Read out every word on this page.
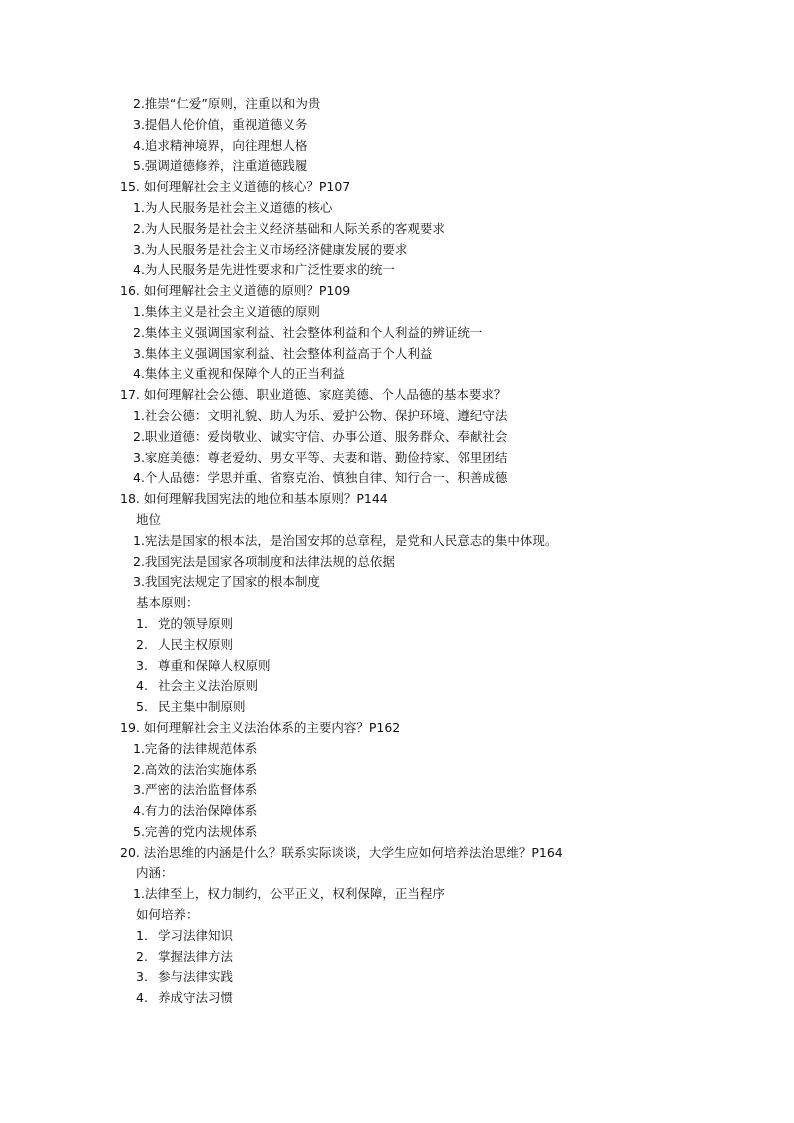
2.推崇“仁爱”原则，注重以和为贵
3.提倡人伦价值，重视道德义务
4.追求精神境界，向往理想人格
5.强调道德修养，注重道德践履
15. 如何理解社会主义道德的核心？P107
1.为人民服务是社会主义道德的核心
2.为人民服务是社会主义经济基础和人际关系的客观要求
3.为人民服务是社会主义市场经济健康发展的要求
4.为人民服务是先进性要求和广泛性要求的统一
16. 如何理解社会主义道德的原则？P109
1.集体主义是社会主义道德的原则
2.集体主义强调国家利益、社会整体利益和个人利益的辨证统一
3.集体主义强调国家利益、社会整体利益高于个人利益
4.集体主义重视和保障个人的正当利益
17. 如何理解社会公德、职业道德、家庭美德、个人品德的基本要求？
1.社会公德：文明礼貌、助人为乐、爱护公物、保护环境、遵纪守法
2.职业道德：爱岗敬业、诚实守信、办事公道、服务群众、奉献社会
3.家庭美德：尊老爱幼、男女平等、夫妻和谐、勤俭持家、邻里团结
4.个人品德：学思并重、省察克治、慎独自律、知行合一、积善成德
18. 如何理解我国宪法的地位和基本原则？P144
地位
1.宪法是国家的根本法，是治国安邦的总章程，是党和人民意志的集中体现。
2.我国宪法是国家各项制度和法律法规的总依据
3.我国宪法规定了国家的根本制度
基本原则：
1. 党的领导原则
2. 人民主权原则
3. 尊重和保障人权原则
4. 社会主义法治原则
5. 民主集中制原则
19. 如何理解社会主义法治体系的主要内容？P162
1.完备的法律规范体系
2.高效的法治实施体系
3.严密的法治监督体系
4.有力的法治保障体系
5.完善的党内法规体系
20. 法治思维的内涵是什么？联系实际谈谈，大学生应如何培养法治思维？P164
内涵：
1.法律至上，权力制约，公平正义，权利保障，正当程序
如何培养：
1. 学习法律知识
2. 掌握法律方法
3. 参与法律实践
4. 养成守法习惯
